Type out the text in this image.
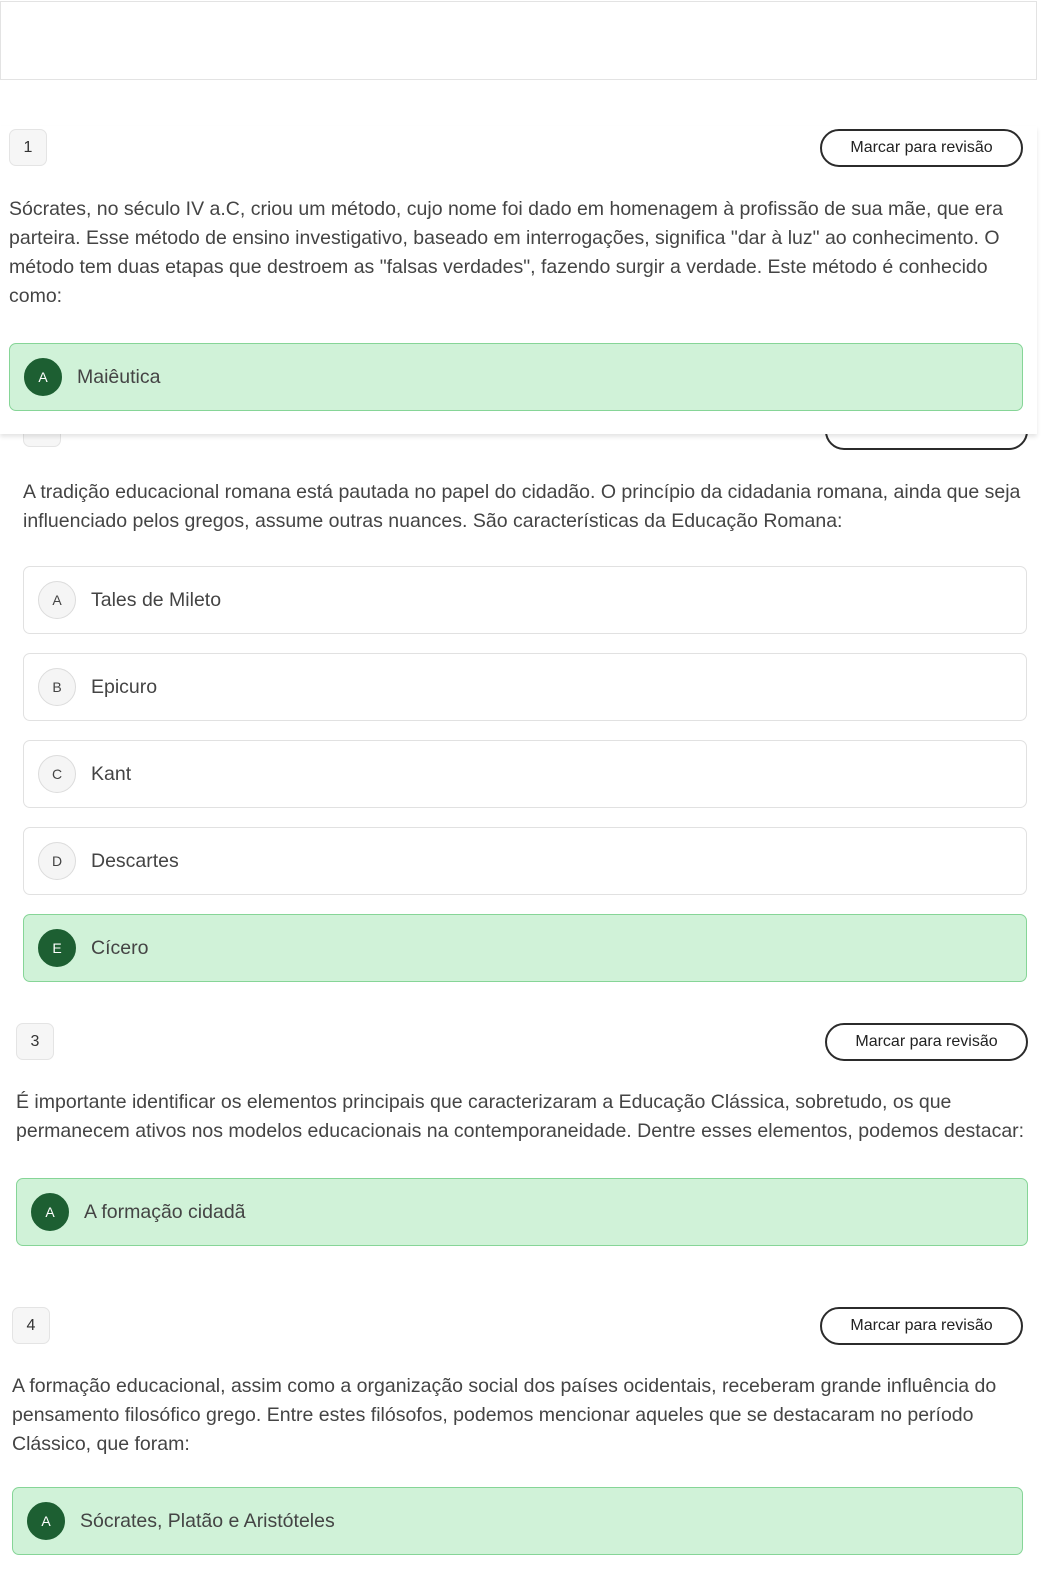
A tradição educacional romana está pautada no papel do cidadão. O princípio da cidadania romana, ainda que seja influenciado pelos gregos, assume outras nuances. São características da Educação Romana:

A	Tales de Mileto
B	Epicuro
C	Kant
D	Descartes
E	Cícero
1	Marcar para revisão

Sócrates, no século IV a.C, criou um método, cujo nome foi dado em homenagem à profissão de sua mãe, que era parteira. Esse método de ensino investigativo, baseado em interrogações, significa "dar à luz" ao conhecimento. O método tem duas etapas que destroem as "falsas verdades", fazendo surgir a verdade. Este método é conhecido como:

A	Maiêutica
3	Marcar para revisão

É importante identificar os elementos principais que caracterizaram a Educação Clássica, sobretudo, os que permanecem ativos nos modelos educacionais na contemporaneidade. Dentre esses elementos, podemos destacar:

A	A formação cidadã
4	Marcar para revisão

A formação educacional, assim como a organização social dos países ocidentais, receberam grande influência do pensamento filosófico grego. Entre estes filósofos, podemos mencionar aqueles que se destacaram no período Clássico, que foram:

A	Sócrates, Platão e Aristóteles
